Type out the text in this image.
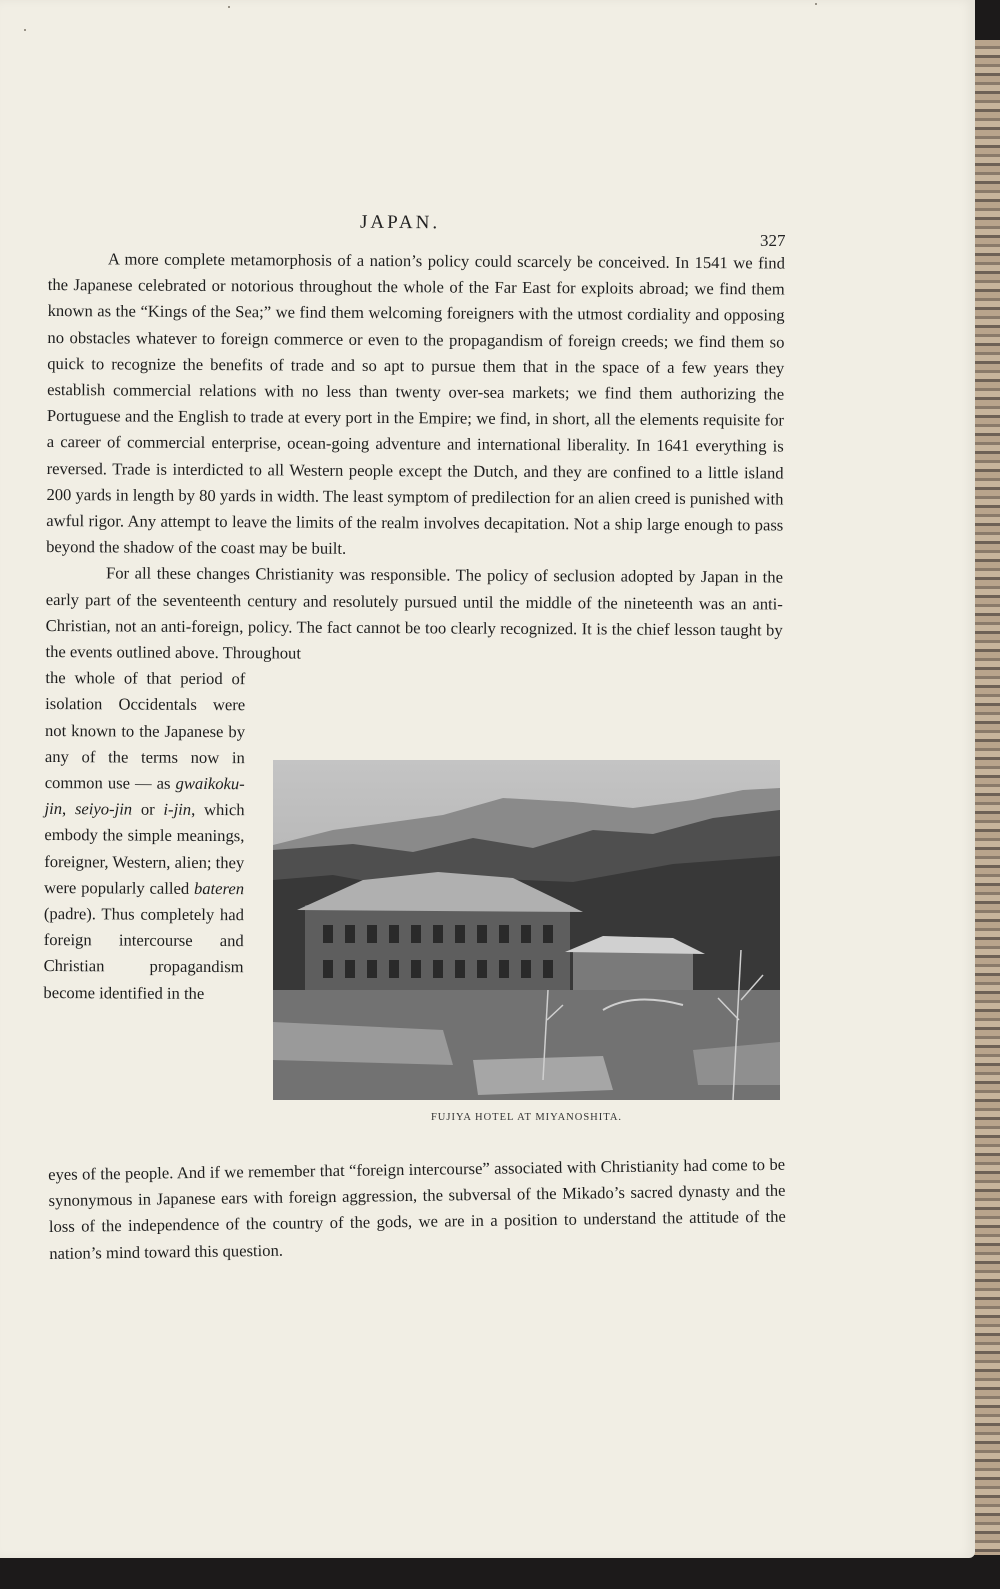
JAPAN.
327

A more complete metamorphosis of a nation’s policy could scarcely be conceived. In 1541 we find the Japanese celebrated or notorious throughout the whole of the Far East for exploits abroad; we find them known as the “Kings of the Sea;” we find them welcoming foreigners with the utmost cordiality and opposing no obstacles whatever to foreign commerce or even to the propagandism of foreign creeds; we find them so quick to recognize the benefits of trade and so apt to pursue them that in the space of a few years they establish commercial relations with no less than twenty over-sea markets; we find them authorizing the Portuguese and the English to trade at every port in the Empire; we find, in short, all the elements requisite for a career of commercial enterprise, ocean-going adventure and international liberality. In 1641 everything is reversed. Trade is interdicted to all Western people except the Dutch, and they are confined to a little island 200 yards in length by 80 yards in width. The least symptom of predilection for an alien creed is punished with awful rigor. Any attempt to leave the limits of the realm involves decapitation. Not a ship large enough to pass beyond the shadow of the coast may be built.

For all these changes Christianity was responsible. The policy of seclusion adopted by Japan in the early part of the seventeenth century and resolutely pursued until the middle of the nineteenth was an anti-Christian, not an anti-foreign, policy. The fact cannot be too clearly recognized. It is the chief lesson taught by the events outlined above. Throughout

the whole of that period of isolation Occidentals were not known to the Japanese by any of the terms now in common use — as gwaikoku-jin, seiyo-jin or i-jin, which embody the simple meanings, foreigner, Western, alien; they were popularly called bateren (padre). Thus completely had foreign intercourse and Christian propagandism become identified in the

FUJIYA HOTEL AT MIYANOSHITA.

eyes of the people. And if we remember that “foreign intercourse” associated with Christianity had come to be synonymous in Japanese ears with foreign aggression, the subversal of the Mikado’s sacred dynasty and the loss of the independence of the country of the gods, we are in a position to understand the attitude of the nation’s mind toward this question.
